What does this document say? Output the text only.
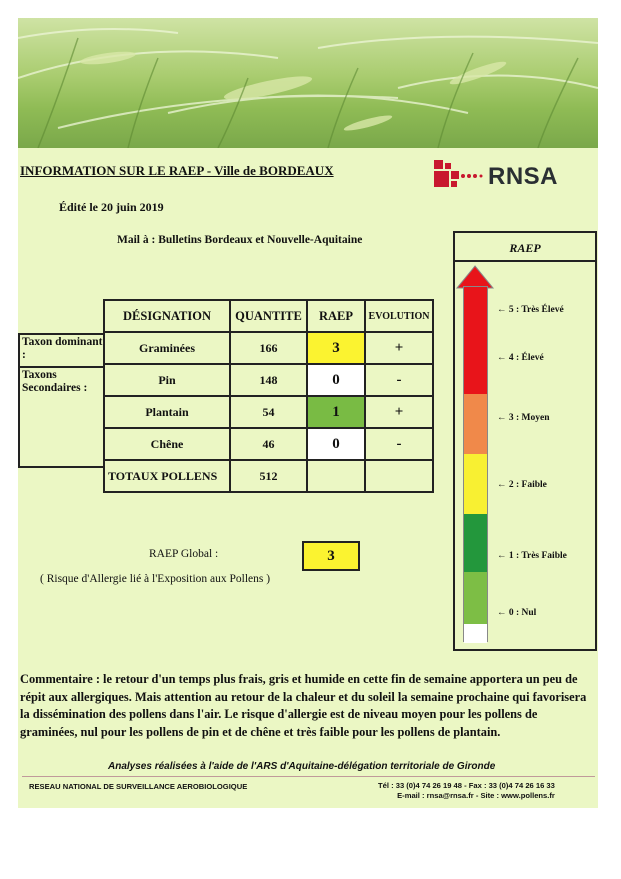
INFORMATION SUR LE RAEP - Ville de BORDEAUX	RNSA
Édité le 20 juin 2019
Mail à : Bulletins Bordeaux et Nouvelle-Aquitaine
Taxon dominant :
Taxons Secondaires :
DÉSIGNATION	QUANTITE	RAEP	EVOLUTION
Graminées	166	3	+
Pin	148	0	-
Plantain	54	1	+
Chêne	46	0	-
TOTAUX POLLENS	512		
RAEP Global :	3
( Risque d'Allergie lié à l'Exposition aux Pollens )
RAEP
← 5 : Très Élevé
← 4 : Élevé
← 3 : Moyen
← 2 : Faible
← 1 : Très Faible
← 0 : Nul
Commentaire : le retour d'un temps plus frais, gris et humide en cette fin de semaine apportera un peu de répit aux allergiques. Mais attention au retour de la chaleur et du soleil la semaine prochaine qui favorisera la dissémination des pollens dans l'air. Le risque d'allergie est de niveau moyen pour les pollens de graminées, nul pour les pollens de pin et de chêne et très faible pour les pollens de plantain.
Analyses réalisées à l'aide de l'ARS d'Aquitaine-délégation territoriale de Gironde
RESEAU NATIONAL DE SURVEILLANCE AEROBIOLOGIQUE	Tél : 33 (0)4 74 26 19 48 - Fax : 33 (0)4 74 26 16 33
E-mail : rnsa@rnsa.fr - Site : www.pollens.fr
